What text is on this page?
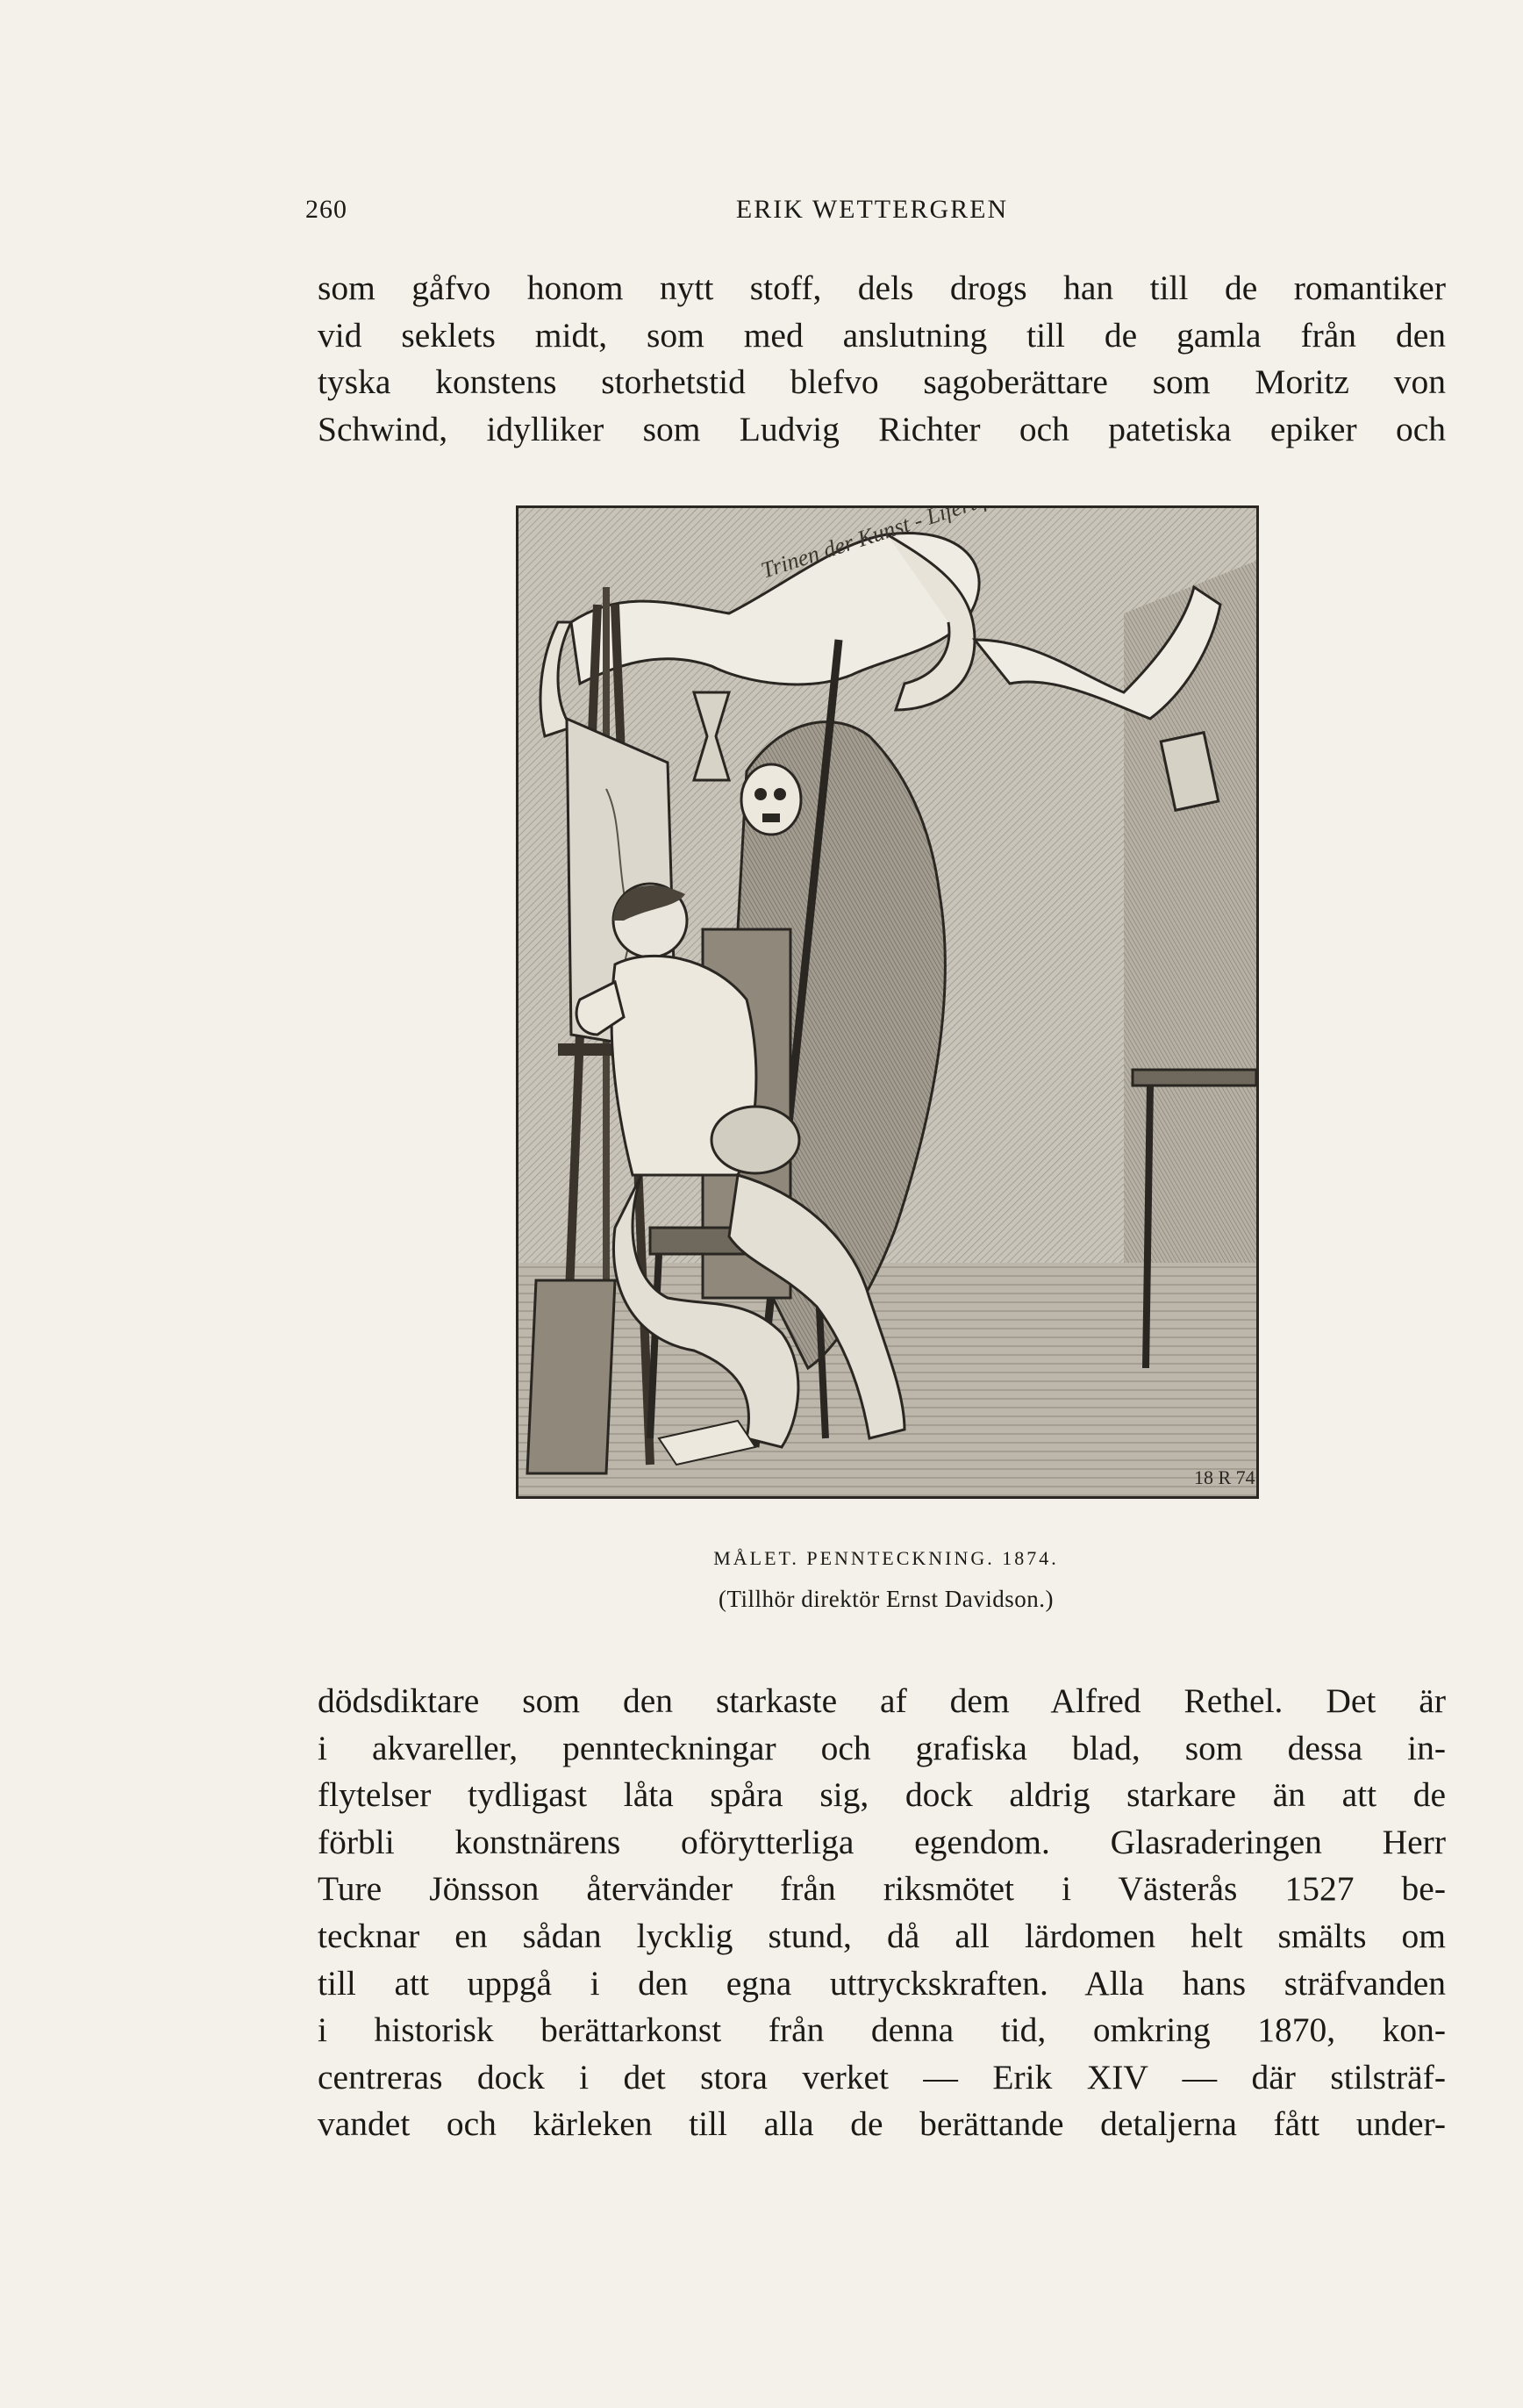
260	ERIK WETTERGREN
som gåfvo honom nytt stoff, dels drogs han till de romantiker
vid seklets midt, som med anslutning till de gamla från den
tyska konstens storhetstid blefvo sagoberättare som Moritz von
Schwind, idylliker som Ludvig Richter och patetiska epiker och
Trinen der Kunst - Lifert
18 R 74
MÅLET. PENNTECKNING. 1874.
(Tillhör direktör Ernst Davidson.)
dödsdiktare som den starkaste af dem Alfred Rethel. Det är
i akvareller, pennteckningar och grafiska blad, som dessa in-
flytelser tydligast låta spåra sig, dock aldrig starkare än att de
förbli konstnärens oförytterliga egendom. Glasraderingen Herr
Ture Jönsson återvänder från riksmötet i Västerås 1527 be-
tecknar en sådan lycklig stund, då all lärdomen helt smälts om
till att uppgå i den egna uttryckskraften. Alla hans sträfvanden
i historisk berättarkonst från denna tid, omkring 1870, kon-
centreras dock i det stora verket — Erik XIV — där stilsträf-
vandet och kärleken till alla de berättande detaljerna fått under-
